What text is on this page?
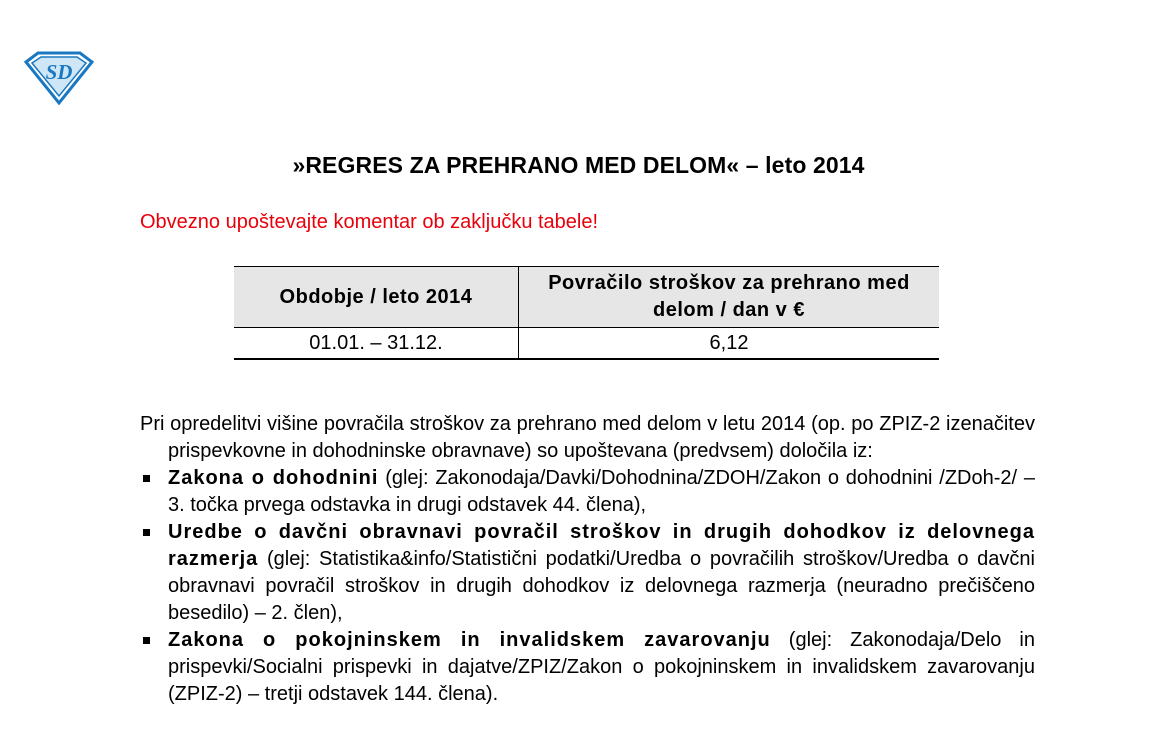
SD
»REGRES ZA PREHRANO MED DELOM« – leto 2014
Obvezno upoštevajte komentar ob zaključku tabele!
Obdobje / leto 2014	Povračilo stroškov za prehrano med delom / dan v €
01.01. – 31.12.	6,12

Pri opredelitvi višine povračila stroškov za prehrano med delom v letu 2014 (op. po ZPIZ-2 izenačitev prispevkovne in dohodninske obravnave) so upoštevana (predvsem) določila iz:

Zakona o dohodnini (glej: Zakonodaja/Davki/Dohodnina/ZDOH/Zakon o dohodnini /ZDoh-2/ – 3. točka prvega odstavka in drugi odstavek 44. člena),
Uredbe o davčni obravnavi povračil stroškov in drugih dohodkov iz delovnega razmerja (glej: Statistika&info/Statistični podatki/Uredba o povračilih stroškov/Uredba o davčni obravnavi povračil stroškov in drugih dohodkov iz delovnega razmerja (neuradno prečiščeno besedilo) – 2. člen),
Zakona o pokojninskem in invalidskem zavarovanju (glej: Zakonodaja/Delo in prispevki/Socialni prispevki in dajatve/ZPIZ/Zakon o pokojninskem in invalidskem zavarovanju (ZPIZ-2) – tretji odstavek 144. člena).
